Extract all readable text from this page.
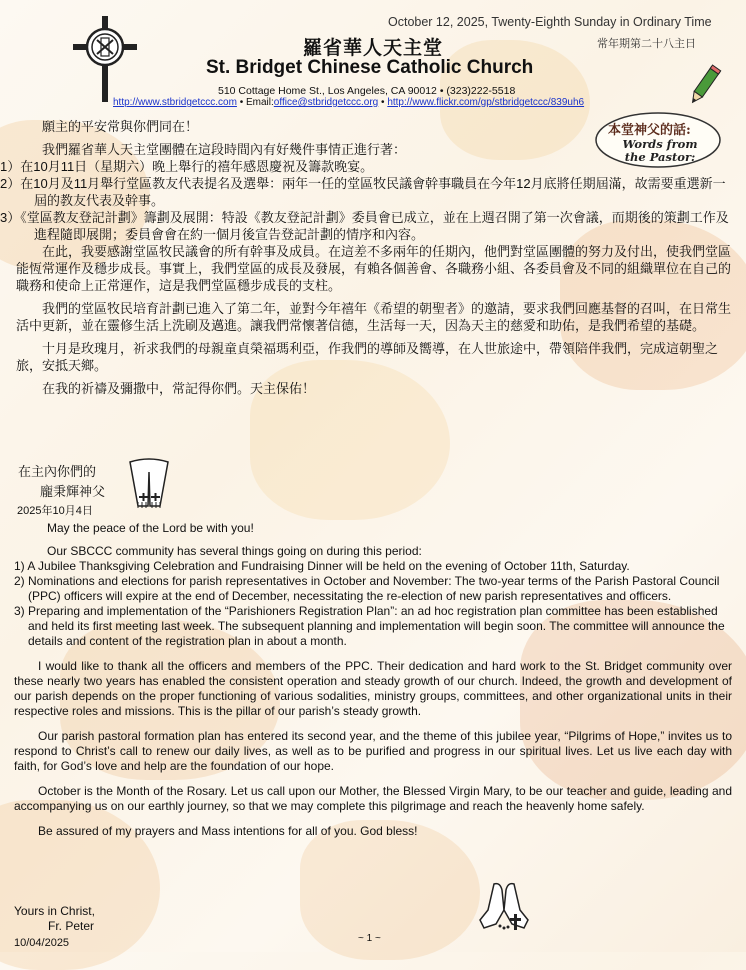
October 12, 2025, Twenty-Eighth Sunday in Ordinary Time
常年期第二十八主日
羅省華人天主堂
St. Bridget Chinese Catholic Church
510 Cottage Home St., Los Angeles, CA 90012 • (323)222-5518
http://www.stbridgetccc.com • Email:office@stbridgetccc.org • http://www.flickr.com/gp/stbridgetccc/839uh6
本堂神父的話:
Words from the Pastor:

願主的平安常與你們同在！

我們羅省華人天主堂團體在這段時間內有好幾件事情正進行著：

1）在10月11日（星期六）晚上舉行的禧年感恩慶祝及籌款晚宴。

2）在10月及11月舉行堂區教友代表提名及選舉：兩年一任的堂區牧民議會幹事職員在今年12月底將任期屆滿，故需要重選新一屆的教友代表及幹事。

3）《堂區教友登記計劃》籌劃及展開：特設《教友登記計劃》委員會已成立，並在上週召開了第一次會議，而期後的策劃工作及進程隨即展開；委員會會在約一個月後宣告登記計劃的情序和內容。

在此，我要感謝堂區牧民議會的所有幹事及成員。在這差不多兩年的任期內，他們對堂區團體的努力及付出，使我們堂區能恆常運作及穩步成長。事實上，我們堂區的成長及發展，有賴各個善會、各職務小組、各委員會及不同的組織單位在自己的職務和使命上正常運作，這是我們堂區穩步成長的支柱。

我們的堂區牧民培育計劃已進入了第二年，並對今年禧年《希望的朝聖者》的邀請，要求我們回應基督的召叫，在日常生活中更新，並在靈修生活上洗刷及邁進。讓我們常懷著信德，生活每一天，因為天主的慈愛和助佑，是我們希望的基礎。

十月是玫瑰月，祈求我們的母親童貞榮福瑪利亞，作我們的導師及嚮導，在人世旅途中，帶領陪伴我們，完成這朝聖之旅，安抵天鄉。

在我的祈禱及彌撒中，常記得你們。天主保佑！

在主內你們的
龐秉輝神父
2025年10月4日

May the peace of the Lord be with you!

Our SBCCC community has several things going on during this period:

1) A Jubilee Thanksgiving Celebration and Fundraising Dinner will be held on the evening of October 11th, Saturday.

2) Nominations and elections for parish representatives in October and November: The two-year terms of the Parish Pastoral Council (PPC) officers will expire at the end of December, necessitating the re-election of new parish representatives and officers.

3) Preparing and implementation of the “Parishioners Registration Plan”: an ad hoc registration plan committee has been established and held its first meeting last week. The subsequent planning and implementation will begin soon. The committee will announce the details and content of the registration plan in about a month.

I would like to thank all the officers and members of the PPC. Their dedication and hard work to the St. Bridget community over these nearly two years has enabled the consistent operation and steady growth of our church. Indeed, the growth and development of our parish depends on the proper functioning of various sodalities, ministry groups, committees, and other organizational units in their respective roles and missions. This is the pillar of our parish’s steady growth.

Our parish pastoral formation plan has entered its second year, and the theme of this jubilee year, “Pilgrims of Hope,” invites us to respond to Christ’s call to renew our daily lives, as well as to be purified and progress in our spiritual lives. Let us live each day with faith, for God’s love and help are the foundation of our hope.

October is the Month of the Rosary. Let us call upon our Mother, the Blessed Virgin Mary, to be our teacher and guide, leading and accompanying us on our earthly journey, so that we may complete this pilgrimage and reach the heavenly home safely.

Be assured of my prayers and Mass intentions for all of you. God bless!

Yours in Christ,
Fr. Peter
10/04/2025	~ 1 ~
